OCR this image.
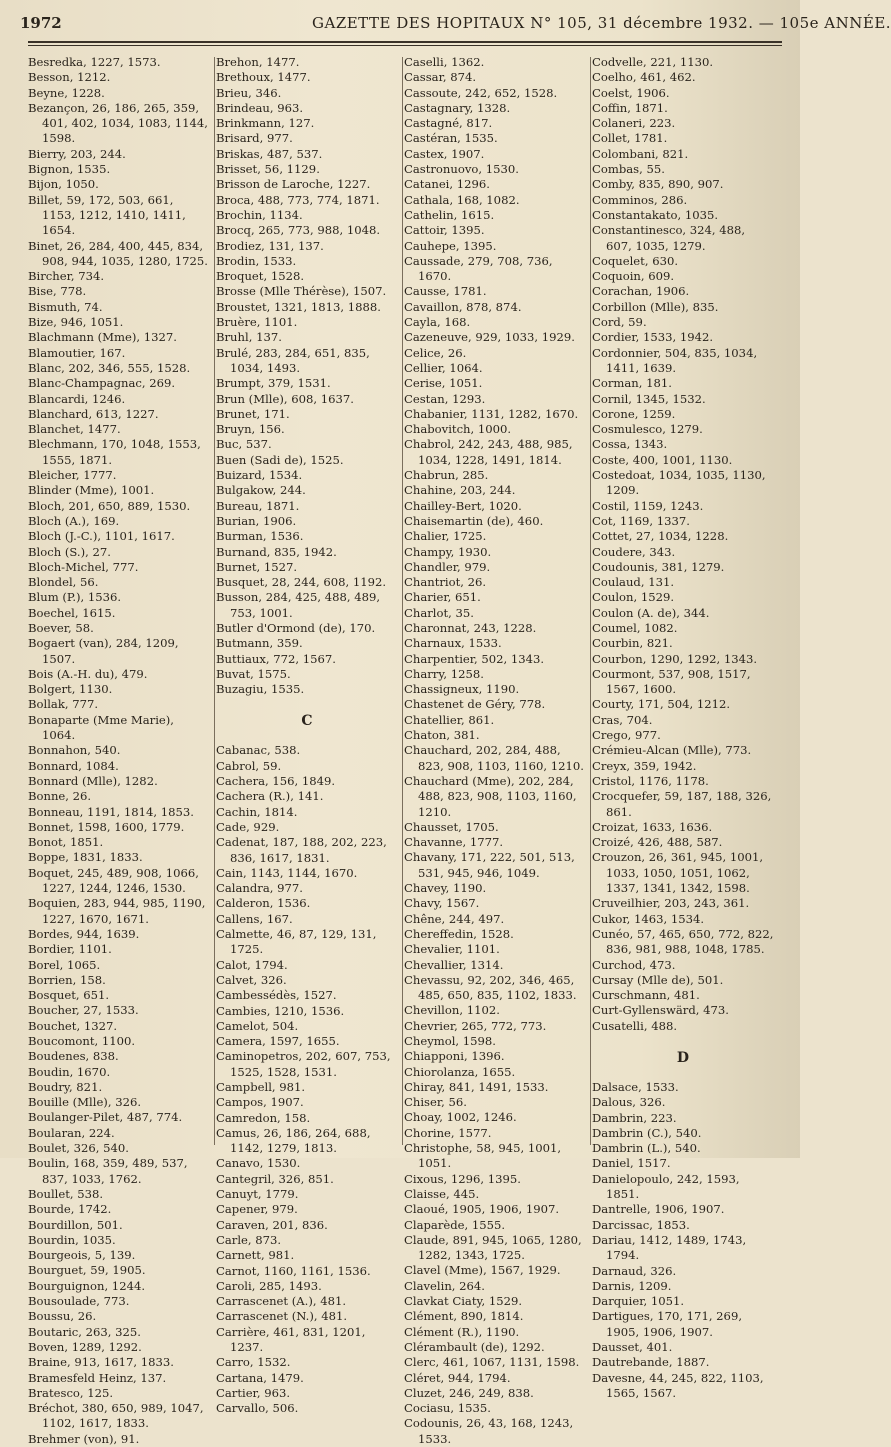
1972	GAZETTE DES HOPITAUX N° 105, 31 décembre 1932. — 105e ANNÉE.

Besredka, 1227, 1573.

Besson, 1212.

Beyne, 1228.

Bezançon, 26, 186, 265, 359, 401, 402, 1034, 1083, 1144, 1598.

Bierry, 203, 244.

Bignon, 1535.

Bijon, 1050.

Billet, 59, 172, 503, 661, 1153, 1212, 1410, 1411, 1654.

Binet, 26, 284, 400, 445, 834, 908, 944, 1035, 1280, 1725.

Bircher, 734.

Bise, 778.

Bismuth, 74.

Bize, 946, 1051.

Blachmann (Mme), 1327.

Blamoutier, 167.

Blanc, 202, 346, 555, 1528.

Blanc-Champagnac, 269.

Blancardi, 1246.

Blanchard, 613, 1227.

Blanchet, 1477.

Blechmann, 170, 1048, 1553, 1555, 1871.

Bleicher, 1777.

Blinder (Mme), 1001.

Bloch, 201, 650, 889, 1530.

Bloch (A.), 169.

Bloch (J.-C.), 1101, 1617.

Bloch (S.), 27.

Bloch-Michel, 777.

Blondel, 56.

Blum (P.), 1536.

Boechel, 1615.

Boever, 58.

Bogaert (van), 284, 1209, 1507.

Bois (A.-H. du), 479.

Bolgert, 1130.

Bollak, 777.

Bonaparte (Mme Marie), 1064.

Bonnahon, 540.

Bonnard, 1084.

Bonnard (Mlle), 1282.

Bonne, 26.

Bonneau, 1191, 1814, 1853.

Bonnet, 1598, 1600, 1779.

Bonot, 1851.

Boppe, 1831, 1833.

Boquet, 245, 489, 908, 1066, 1227, 1244, 1246, 1530.

Boquien, 283, 944, 985, 1190, 1227, 1670, 1671.

Bordes, 944, 1639.

Bordier, 1101.

Borel, 1065.

Borrien, 158.

Bosquet, 651.

Boucher, 27, 1533.

Bouchet, 1327.

Boucomont, 1100.

Boudenes, 838.

Boudin, 1670.

Boudry, 821.

Bouille (Mlle), 326.

Boulanger-Pilet, 487, 774.

Boularan, 224.

Boulet, 326, 540.

Boulin, 168, 359, 489, 537, 837, 1033, 1762.

Boullet, 538.

Bourde, 1742.

Bourdillon, 501.

Bourdin, 1035.

Bourgeois, 5, 139.

Bourguet, 59, 1905.

Bourguignon, 1244.

Bousoulade, 773.

Boussu, 26.

Boutaric, 263, 325.

Boven, 1289, 1292.

Braine, 913, 1617, 1833.

Bramesfeld Heinz, 137.

Bratesco, 125.

Bréchot, 380, 650, 989, 1047, 1102, 1617, 1833.

Brehmer (von), 91.

Brehon, 1477.

Brethoux, 1477.

Brieu, 346.

Brindeau, 963.

Brinkmann, 127.

Brisard, 977.

Briskas, 487, 537.

Brisset, 56, 1129.

Brisson de Laroche, 1227.

Broca, 488, 773, 774, 1871.

Brochin, 1134.

Brocq, 265, 773, 988, 1048.

Brodiez, 131, 137.

Brodin, 1533.

Broquet, 1528.

Brosse (Mlle Thérèse), 1507.

Broustet, 1321, 1813, 1888.

Bruère, 1101.

Bruhl, 137.

Brulé, 283, 284, 651, 835, 1034, 1493.

Brumpt, 379, 1531.

Brun (Mlle), 608, 1637.

Brunet, 171.

Bruyn, 156.

Buc, 537.

Buen (Sadi de), 1525.

Buizard, 1534.

Bulgakow, 244.

Bureau, 1871.

Burian, 1906.

Burman, 1536.

Burnand, 835, 1942.

Burnet, 1527.

Busquet, 28, 244, 608, 1192.

Busson, 284, 425, 488, 489, 753, 1001.

Butler d'Ormond (de), 170.

Butmann, 359.

Buttiaux, 772, 1567.

Buvat, 1575.

Buzagiu, 1535.

C

Cabanac, 538.

Cabrol, 59.

Cachera, 156, 1849.

Cachera (R.), 141.

Cachin, 1814.

Cade, 929.

Cadenat, 187, 188, 202, 223, 836, 1617, 1831.

Cain, 1143, 1144, 1670.

Calandra, 977.

Calderon, 1536.

Callens, 167.

Calmette, 46, 87, 129, 131, 1725.

Calot, 1794.

Calvet, 326.

Cambessédès, 1527.

Cambies, 1210, 1536.

Camelot, 504.

Camera, 1597, 1655.

Caminopetros, 202, 607, 753, 1525, 1528, 1531.

Campbell, 981.

Campos, 1907.

Camredon, 158.

Camus, 26, 186, 264, 688, 1142, 1279, 1813.

Canavo, 1530.

Cantegril, 326, 851.

Canuyt, 1779.

Capener, 979.

Caraven, 201, 836.

Carle, 873.

Carnett, 981.

Carnot, 1160, 1161, 1536.

Caroli, 285, 1493.

Carrascenet (A.), 481.

Carrascenet (N.), 481.

Carrière, 461, 831, 1201, 1237.

Carro, 1532.

Cartana, 1479.

Cartier, 963.

Carvallo, 506.

Caselli, 1362.

Cassar, 874.

Cassoute, 242, 652, 1528.

Castagnary, 1328.

Castagné, 817.

Castéran, 1535.

Castex, 1907.

Castronuovo, 1530.

Catanei, 1296.

Cathala, 168, 1082.

Cathelin, 1615.

Cattoir, 1395.

Cauhepe, 1395.

Caussade, 279, 708, 736, 1670.

Causse, 1781.

Cavaillon, 878, 874.

Cayla, 168.

Cazeneuve, 929, 1033, 1929.

Celice, 26.

Cellier, 1064.

Cerise, 1051.

Cestan, 1293.

Chabanier, 1131, 1282, 1670.

Chabovitch, 1000.

Chabrol, 242, 243, 488, 985, 1034, 1228, 1491, 1814.

Chabrun, 285.

Chahine, 203, 244.

Chailley-Bert, 1020.

Chaisemartin (de), 460.

Chalier, 1725.

Champy, 1930.

Chandler, 979.

Chantriot, 26.

Charier, 651.

Charlot, 35.

Charonnat, 243, 1228.

Charnaux, 1533.

Charpentier, 502, 1343.

Charry, 1258.

Chassigneux, 1190.

Chastenet de Géry, 778.

Chatellier, 861.

Chaton, 381.

Chauchard, 202, 284, 488, 823, 908, 1103, 1160, 1210.

Chauchard (Mme), 202, 284, 488, 823, 908, 1103, 1160, 1210.

Chausset, 1705.

Chavanne, 1777.

Chavany, 171, 222, 501, 513, 531, 945, 946, 1049.

Chavey, 1190.

Chavy, 1567.

Chêne, 244, 497.

Chereffedin, 1528.

Chevalier, 1101.

Chevallier, 1314.

Chevassu, 92, 202, 346, 465, 485, 650, 835, 1102, 1833.

Chevillon, 1102.

Chevrier, 265, 772, 773.

Cheymol, 1598.

Chiapponi, 1396.

Chiorolanza, 1655.

Chiray, 841, 1491, 1533.

Chiser, 56.

Choay, 1002, 1246.

Chorine, 1577.

Christophe, 58, 945, 1001, 1051.

Cixous, 1296, 1395.

Claisse, 445.

Claoué, 1905, 1906, 1907.

Claparède, 1555.

Claude, 891, 945, 1065, 1280, 1282, 1343, 1725.

Clavel (Mme), 1567, 1929.

Clavelin, 264.

Clavkat Ciaty, 1529.

Clément, 890, 1814.

Clément (R.), 1190.

Clérambault (de), 1292.

Clerc, 461, 1067, 1131, 1598.

Cléret, 944, 1794.

Cluzet, 246, 249, 838.

Cociasu, 1535.

Codounis, 26, 43, 168, 1243, 1533.

Codvelle, 221, 1130.

Coelho, 461, 462.

Coelst, 1906.

Coffin, 1871.

Colaneri, 223.

Collet, 1781.

Colombani, 821.

Combas, 55.

Comby, 835, 890, 907.

Comminos, 286.

Constantakato, 1035.

Constantinesco, 324, 488, 607, 1035, 1279.

Coquelet, 630.

Coquoin, 609.

Corachan, 1906.

Corbillon (Mlle), 835.

Cord, 59.

Cordier, 1533, 1942.

Cordonnier, 504, 835, 1034, 1411, 1639.

Corman, 181.

Cornil, 1345, 1532.

Corone, 1259.

Cosmulesco, 1279.

Cossa, 1343.

Coste, 400, 1001, 1130.

Costedoat, 1034, 1035, 1130, 1209.

Costil, 1159, 1243.

Cot, 1169, 1337.

Cottet, 27, 1034, 1228.

Coudere, 343.

Coudounis, 381, 1279.

Coulaud, 131.

Coulon, 1529.

Coulon (A. de), 344.

Coumel, 1082.

Courbin, 821.

Courbon, 1290, 1292, 1343.

Courmont, 537, 908, 1517, 1567, 1600.

Courty, 171, 504, 1212.

Cras, 704.

Crego, 977.

Crémieu-Alcan (Mlle), 773.

Creyx, 359, 1942.

Cristol, 1176, 1178.

Crocquefer, 59, 187, 188, 326, 861.

Croizat, 1633, 1636.

Croizé, 426, 488, 587.

Crouzon, 26, 361, 945, 1001, 1033, 1050, 1051, 1062, 1337, 1341, 1342, 1598.

Cruveilhier, 203, 243, 361.

Cukor, 1463, 1534.

Cunéo, 57, 465, 650, 772, 822, 836, 981, 988, 1048, 1785.

Curchod, 473.

Cursay (Mlle de), 501.

Curschmann, 481.

Curt-Gyllenswärd, 473.

Cusatelli, 488.

D

Dalsace, 1533.

Dalous, 326.

Dambrin, 223.

Dambrin (C.), 540.

Dambrin (L.), 540.

Daniel, 1517.

Danielopoulo, 242, 1593, 1851.

Dantrelle, 1906, 1907.

Darcissac, 1853.

Dariau, 1412, 1489, 1743, 1794.

Darnaud, 326.

Darnis, 1209.

Darquier, 1051.

Dartigues, 170, 171, 269, 1905, 1906, 1907.

Dausset, 401.

Dautrebande, 1887.

Davesne, 44, 245, 822, 1103, 1565, 1567.
